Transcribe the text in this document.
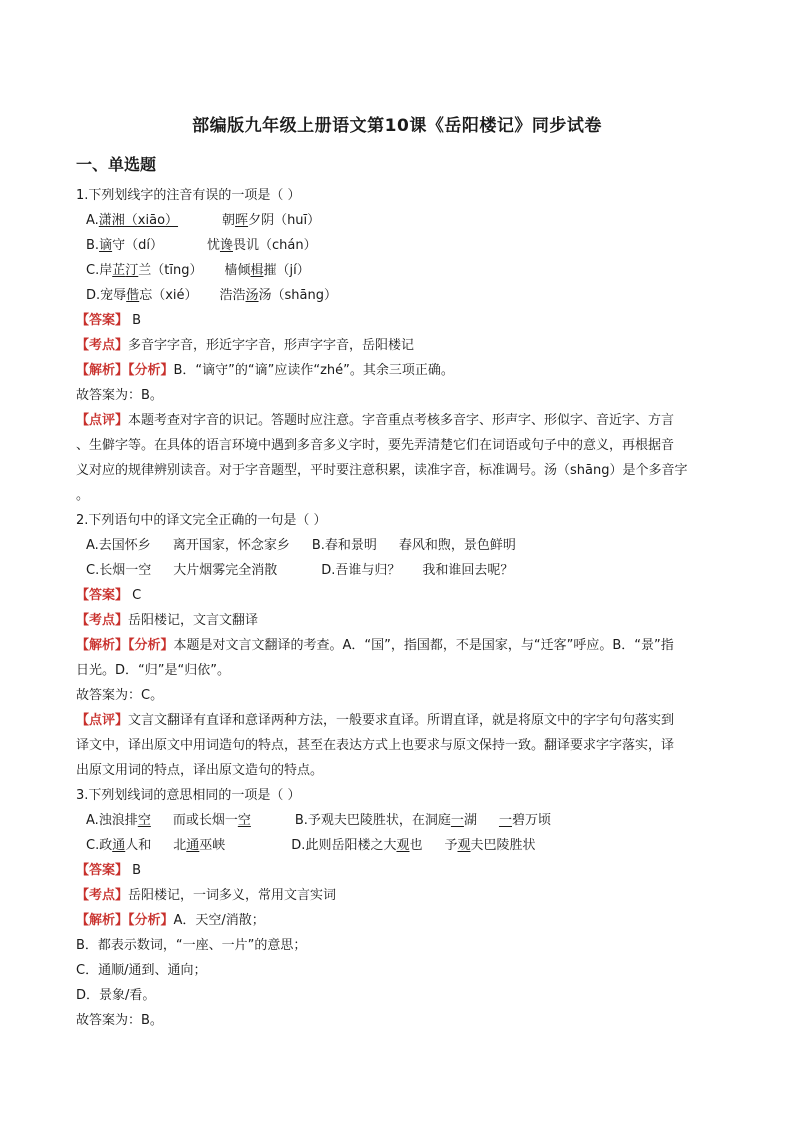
部编版九年级上册语文第10课《岳阳楼记》同步试卷
一、单选题
1.下列划线字的注音有误的一项是（ ）
A.潇湘（xiāo）	朝晖夕阴（huī）
B.谪守（dí）	忧谗畏讥（chán）
C.岸芷汀兰（tīng） 樯倾楫摧（jí）
D.宠辱偕忘（xié） 浩浩汤汤（shāng）
【答案】 B
【考点】多音字字音，形近字字音，形声字字音，岳阳楼记
【解析】【分析】B．“谪守”的“谪”应读作“zhé”。其余三项正确。
故答案为：B。
【点评】本题考查对字音的识记。答题时应注意。字音重点考核多音字、形声字、形似字、音近字、方言
、生僻字等。在具体的语言环境中遇到多音多义字时，要先弄清楚它们在词语或句子中的意义，再根据音
义对应的规律辨别读音。对于字音题型，平时要注意积累，读准字音，标准调号。汤（shāng）是个多音字
。
2.下列语句中的译文完全正确的一句是（ ）
A.去国怀乡 离开国家，怀念家乡 B.春和景明 春风和煦，景色鲜明
C.长烟一空 大片烟雾完全消散	D.吾谁与归？ 我和谁回去呢？
【答案】 C
【考点】岳阳楼记，文言文翻译
【解析】【分析】本题是对文言文翻译的考查。A．“国”，指国都，不是国家，与“迁客”呼应。B．“景”指
日光。D．“归”是“归依”。
故答案为：C。
【点评】文言文翻译有直译和意译两种方法，一般要求直译。所谓直译，就是将原文中的字字句句落实到
译文中，译出原文中用词造句的特点，甚至在表达方式上也要求与原文保持一致。翻译要求字字落实，译
出原文用词的特点，译出原文造句的特点。
3.下列划线词的意思相同的一项是（ ）
A.浊浪排空 而或长烟一空	B.予观夫巴陵胜状，在洞庭一湖 一碧万顷
C.政通人和 北通巫峡	D.此则岳阳楼之大观也 予观夫巴陵胜状
【答案】 B
【考点】岳阳楼记，一词多义，常用文言实词
【解析】【分析】A．天空/消散；
B．都表示数词，“一座、一片”的意思；
C．通顺/通到、通向；
D．景象/看。
故答案为：B。
